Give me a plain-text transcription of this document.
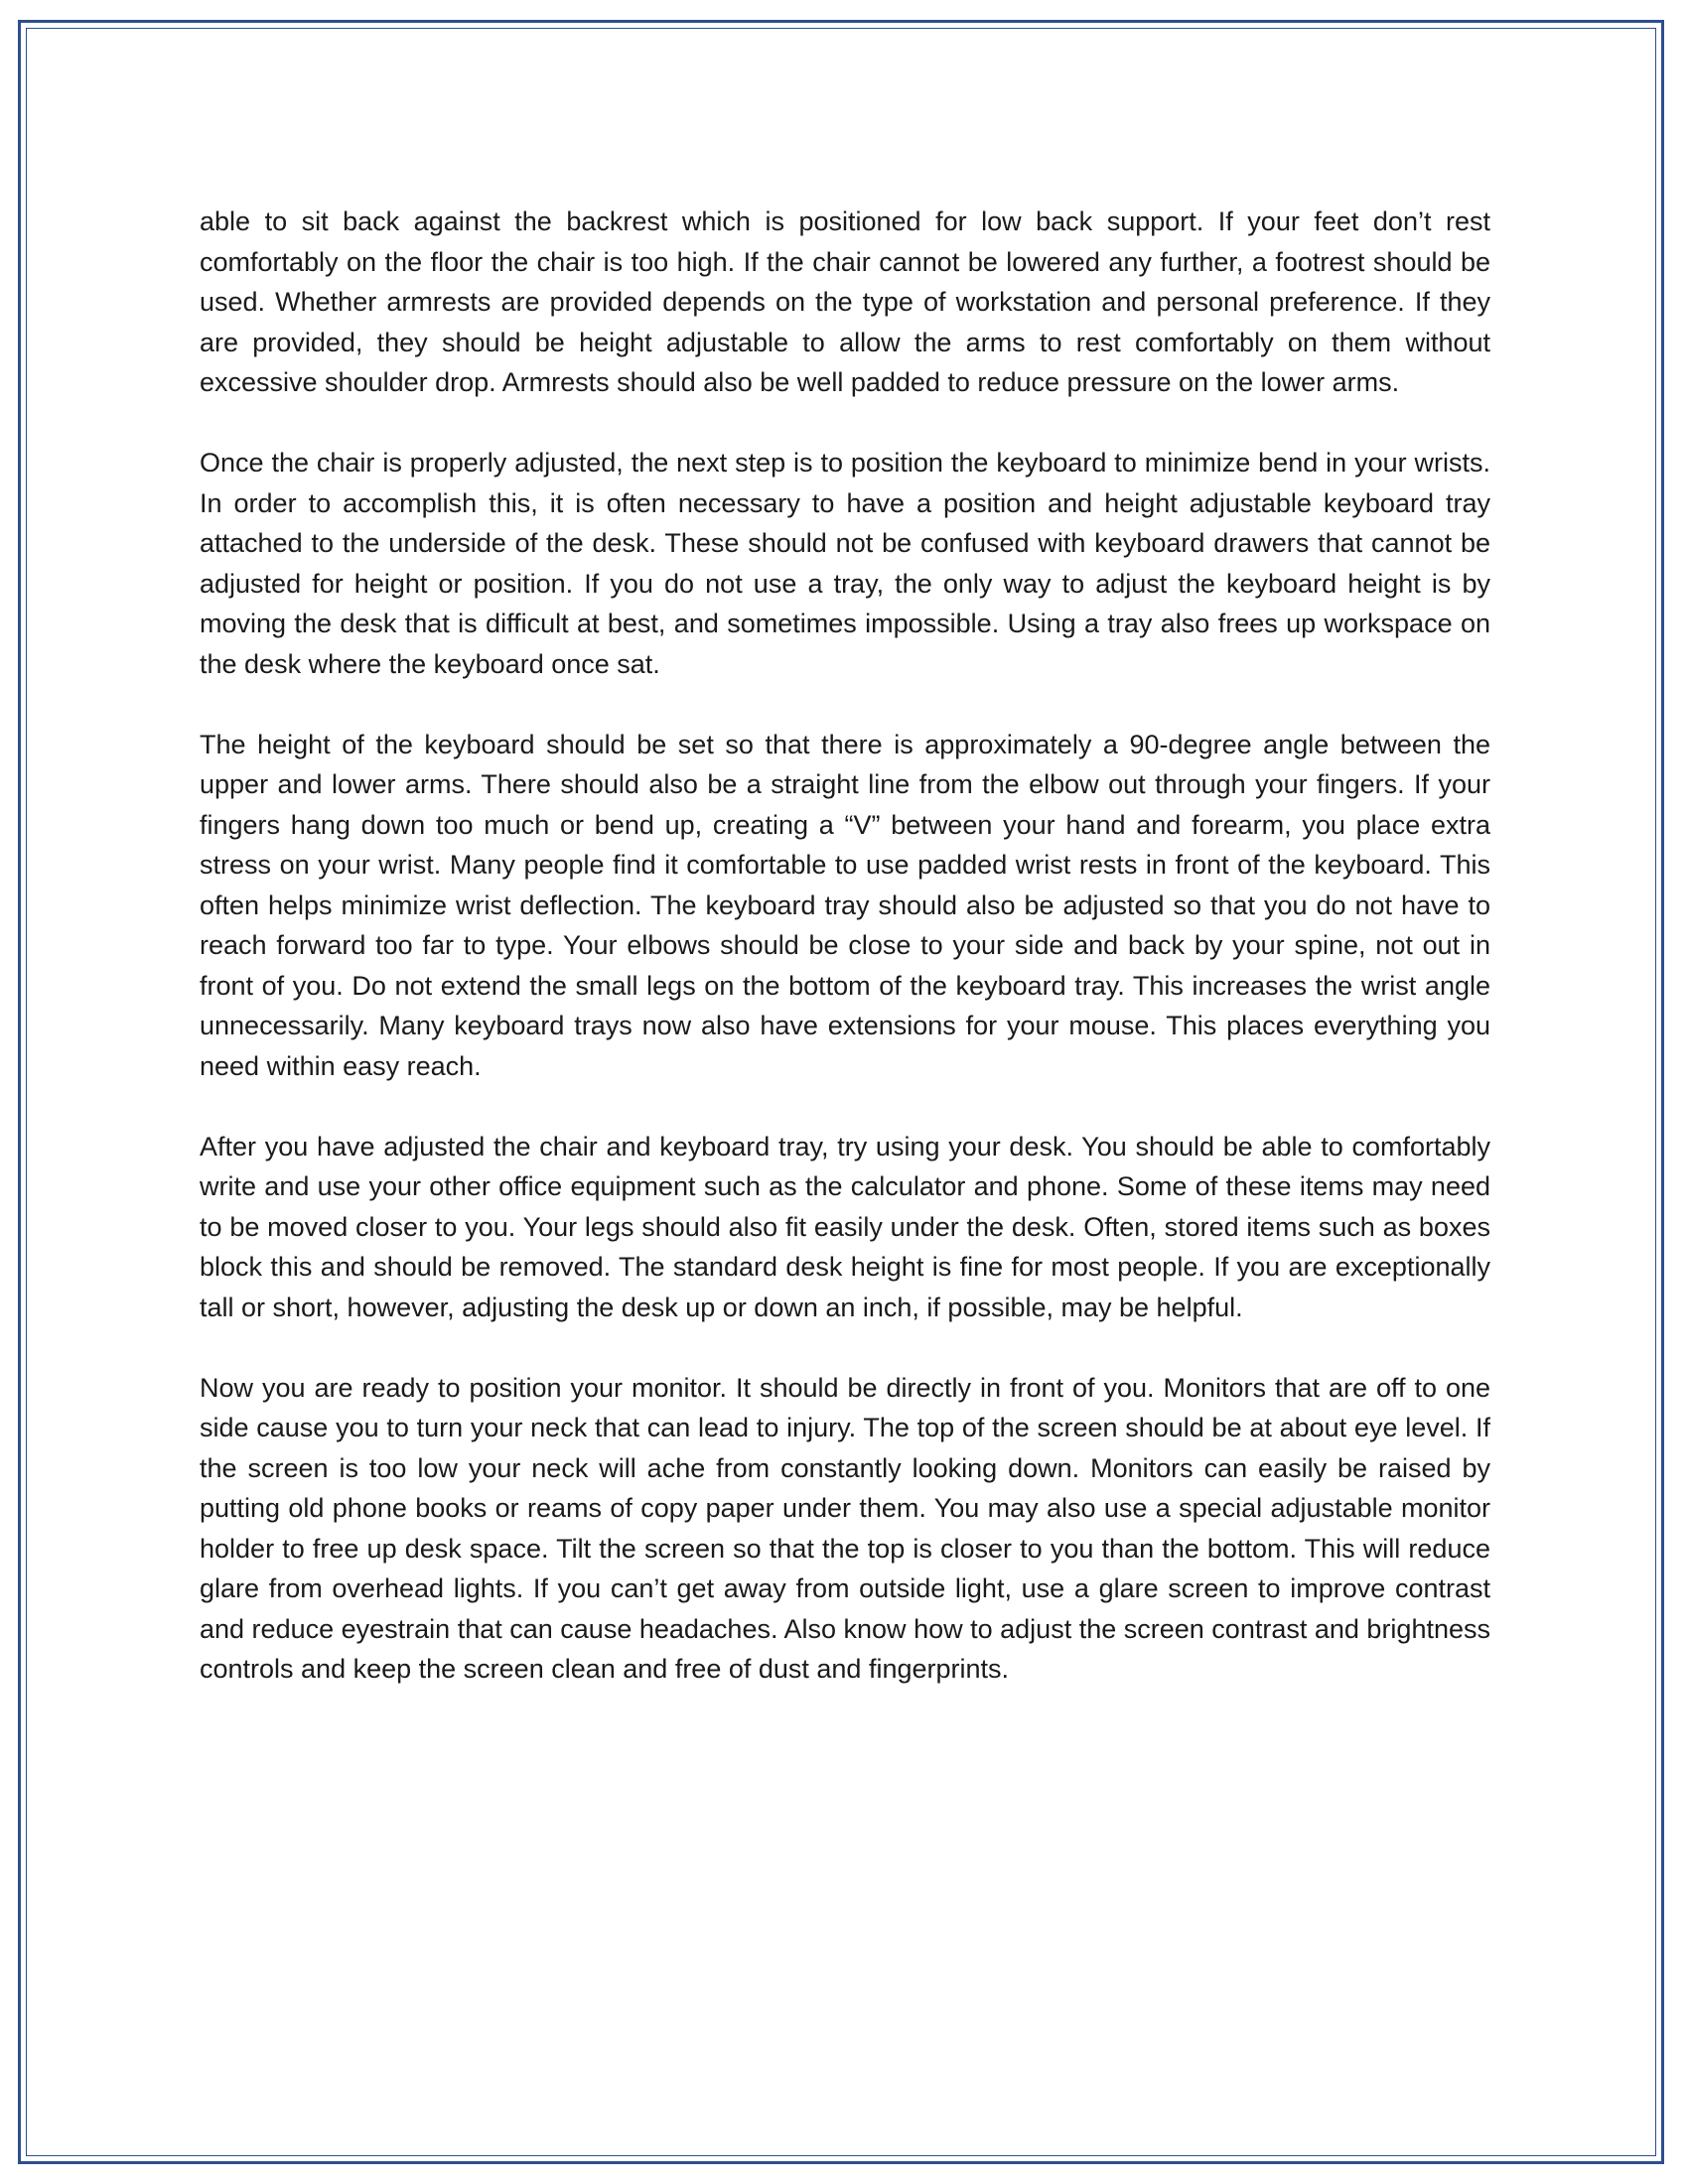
able to sit back against the backrest which is positioned for low back support. If your feet don’t rest comfortably on the floor the chair is too high. If the chair cannot be lowered any further, a footrest should be used. Whether armrests are provided depends on the type of workstation and personal preference. If they are provided, they should be height adjustable to allow the arms to rest comfortably on them without excessive shoulder drop. Armrests should also be well padded to reduce pressure on the lower arms.

Once the chair is properly adjusted, the next step is to position the keyboard to minimize bend in your wrists. In order to accomplish this, it is often necessary to have a position and height adjustable keyboard tray attached to the underside of the desk. These should not be confused with keyboard drawers that cannot be adjusted for height or position. If you do not use a tray, the only way to adjust the keyboard height is by moving the desk that is difficult at best, and sometimes impossible. Using a tray also frees up workspace on the desk where the keyboard once sat.

The height of the keyboard should be set so that there is approximately a 90-degree angle between the upper and lower arms. There should also be a straight line from the elbow out through your fingers. If your fingers hang down too much or bend up, creating a “V” between your hand and forearm, you place extra stress on your wrist. Many people find it comfortable to use padded wrist rests in front of the keyboard. This often helps minimize wrist deflection. The keyboard tray should also be adjusted so that you do not have to reach forward too far to type. Your elbows should be close to your side and back by your spine, not out in front of you. Do not extend the small legs on the bottom of the keyboard tray. This increases the wrist angle unnecessarily. Many keyboard trays now also have extensions for your mouse. This places everything you need within easy reach.

After you have adjusted the chair and keyboard tray, try using your desk. You should be able to comfortably write and use your other office equipment such as the calculator and phone. Some of these items may need to be moved closer to you. Your legs should also fit easily under the desk. Often, stored items such as boxes block this and should be removed. The standard desk height is fine for most people. If you are exceptionally tall or short, however, adjusting the desk up or down an inch, if possible, may be helpful.

Now you are ready to position your monitor. It should be directly in front of you. Monitors that are off to one side cause you to turn your neck that can lead to injury. The top of the screen should be at about eye level. If the screen is too low your neck will ache from constantly looking down. Monitors can easily be raised by putting old phone books or reams of copy paper under them. You may also use a special adjustable monitor holder to free up desk space. Tilt the screen so that the top is closer to you than the bottom. This will reduce glare from overhead lights. If you can’t get away from outside light, use a glare screen to improve contrast and reduce eyestrain that can cause headaches. Also know how to adjust the screen contrast and brightness controls and keep the screen clean and free of dust and fingerprints.
